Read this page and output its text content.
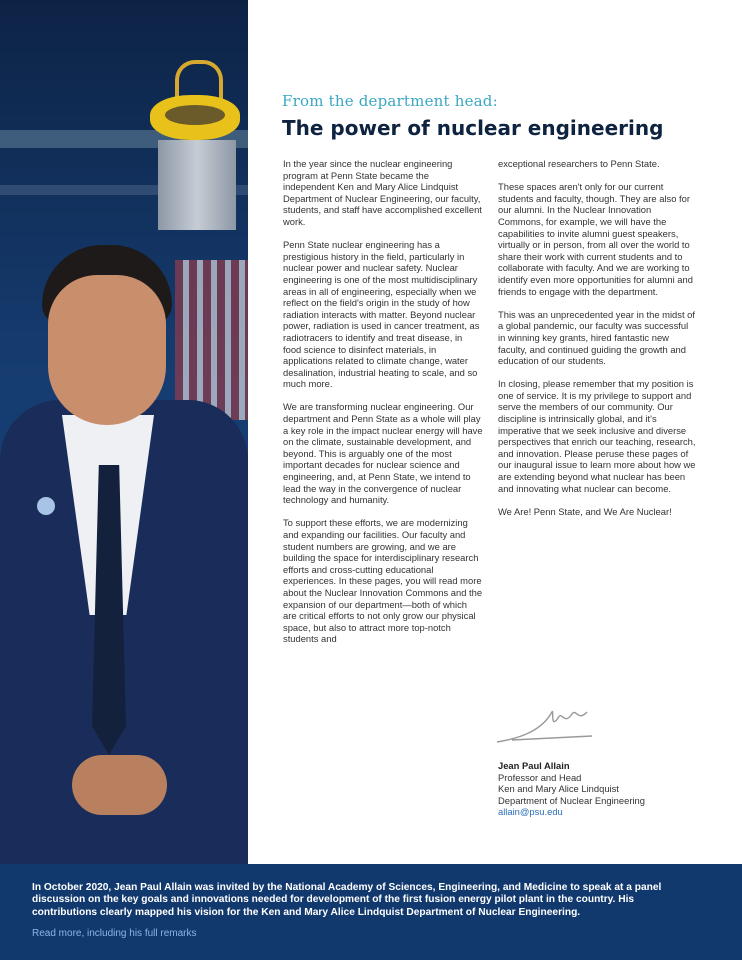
From the department head:
The power of nuclear engineering

In the year since the nuclear engineering program at Penn State became the independent Ken and Mary Alice Lindquist Department of Nuclear Engineering, our faculty, students, and staff have accomplished excellent work.

Penn State nuclear engineering has a prestigious history in the field, particularly in nuclear power and nuclear safety. Nuclear engineering is one of the most multidisciplinary areas in all of engineering, especially when we reflect on the field's origin in the study of how radiation interacts with matter. Beyond nuclear power, radiation is used in cancer treatment, as radiotracers to identify and treat disease, in food science to disinfect materials, in applications related to climate change, water desalination, industrial heating to scale, and so much more.

We are transforming nuclear engineering. Our department and Penn State as a whole will play a key role in the impact nuclear energy will have on the climate, sustainable development, and beyond. This is arguably one of the most important decades for nuclear science and engineering, and, at Penn State, we intend to lead the way in the convergence of nuclear technology and humanity.

To support these efforts, we are modernizing and expanding our facilities. Our faculty and student numbers are growing, and we are building the space for interdisciplinary research efforts and cross-cutting educational experiences. In these pages, you will read more about the Nuclear Innovation Commons and the expansion of our department—both of which are critical efforts to not only grow our physical space, but also to attract more top-notch students and

exceptional researchers to Penn State.

These spaces aren't only for our current students and faculty, though. They are also for our alumni. In the Nuclear Innovation Commons, for example, we will have the capabilities to invite alumni guest speakers, virtually or in person, from all over the world to share their work with current students and to collaborate with faculty. And we are working to identify even more opportunities for alumni and friends to engage with the department.

This was an unprecedented year in the midst of a global pandemic, our faculty was successful in winning key grants, hired fantastic new faculty, and continued guiding the growth and education of our students.

In closing, please remember that my position is one of service. It is my privilege to support and serve the members of our community. Our discipline is intrinsically global, and it's imperative that we seek inclusive and diverse perspectives that enrich our teaching, research, and innovation. Please peruse these pages of our inaugural issue to learn more about how we are extending beyond what nuclear has been and innovating what nuclear can become.

We Are! Penn State, and We Are Nuclear!

Jean Paul Allain
Professor and Head
Ken and Mary Alice Lindquist
Department of Nuclear Engineering
allain@psu.edu
In October 2020, Jean Paul Allain was invited by the National Academy of Sciences, Engineering, and Medicine to speak at a panel discussion on the key goals and innovations needed for development of the first fusion energy pilot plant in the country. His contributions clearly mapped his vision for the Ken and Mary Alice Lindquist Department of Nuclear Engineering.
Read more, including his full remarks
